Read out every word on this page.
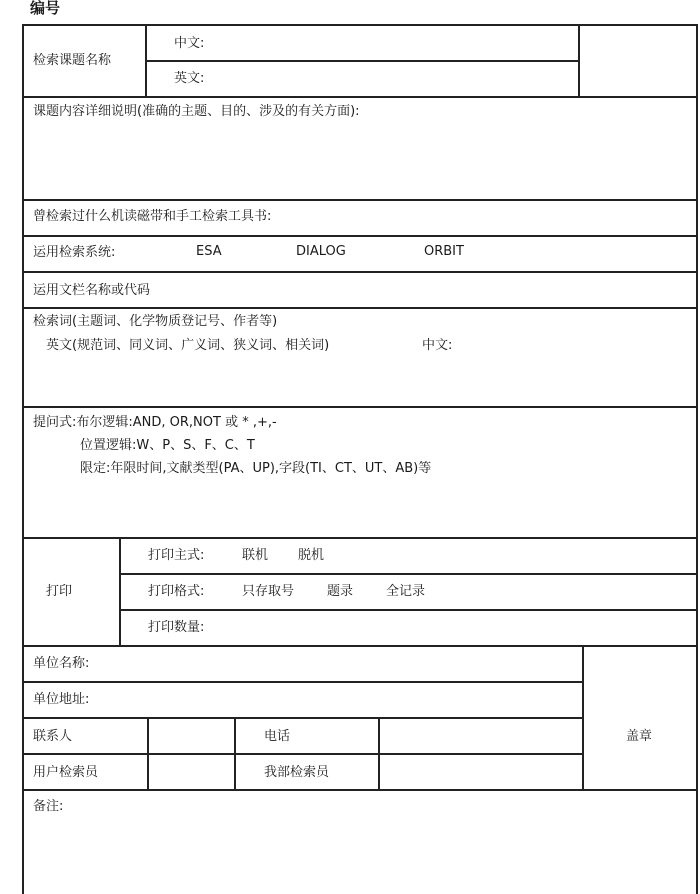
编号
检索课题名称
中文:
英文:
课题内容详细说明(准确的主题、目的、涉及的有关方面):
曾检索过什么机读磁带和手工检索工具书:
运用检索系统:	ESA	DIALOG	ORBIT
运用文栏名称或代码
检索词(主题词、化学物质登记号、作者等)
英文(规范词、同义词、广义词、狭义词、相关词)	中文:
提问式:布尔逻辑:AND, OR,NOT 或 * ,+,-
位置逻辑:W、P、S、F、C、T
限定:年限时间,文献类型(PA、UP),字段(TI、CT、UT、AB)等
打印
打印主式:	联机 脱机
打印格式:	只存取号	题录	全记录
打印数量:
单位名称:
单位地址:
联系人	电话
用户检索员	我部检索员
盖章
备注:
